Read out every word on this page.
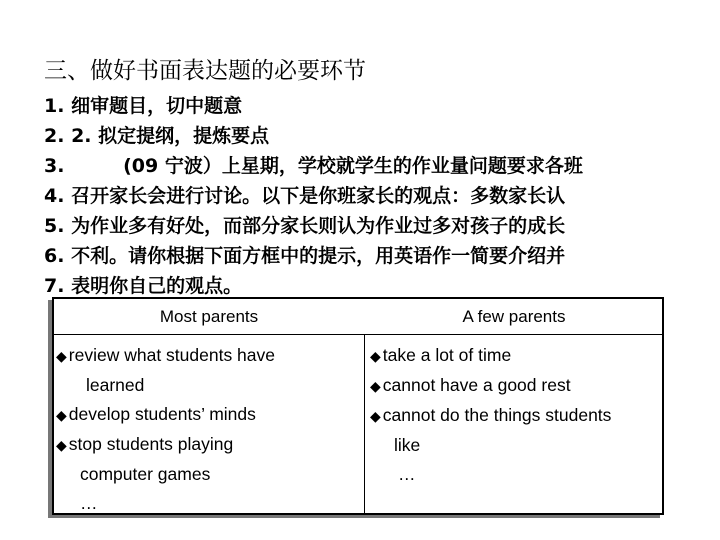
三、做好书面表达题的必要环节
1. 细审题目，切中题意
2. 2. 拟定提纲，提炼要点
3.	(09 宁波）上星期，学校就学生的作业量问题要求各班
4. 召开家长会进行讨论。以下是你班家长的观点：多数家长认
5. 为作业多有好处，而部分家长则认为作业过多对孩子的成长
6. 不利。请你根据下面方框中的提示，用英语作一简要介绍并
7. 表明你自己的观点。
Most parents	A few parents
◆ review what students have
learned
◆ develop students’ minds
◆ stop students playing
computer games
…
◆ take a lot of time
◆ cannot have a good rest
◆ cannot do the things students
like
…
